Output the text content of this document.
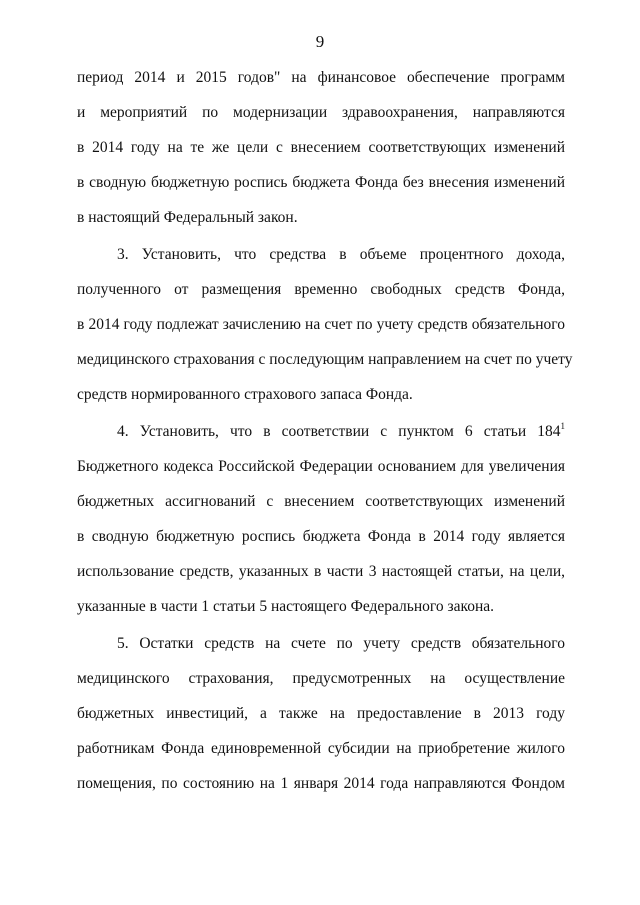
9
период 2014 и 2015 годов" на финансовое обеспечение программ
и мероприятий по модернизации здравоохранения, направляются
в 2014 году на те же цели с внесением соответствующих изменений
в сводную бюджетную роспись бюджета Фонда без внесения изменений
в настоящий Федеральный закон.
3. Установить, что средства в объеме процентного дохода,
полученного от размещения временно свободных средств Фонда,
в 2014 году подлежат зачислению на счет по учету средств обязательного
медицинского страхования с последующим направлением на счет по учету
средств нормированного страхового запаса Фонда.
4. Установить, что в соответствии с пунктом 6 статьи $184^1$
Бюджетного кодекса Российской Федерации основанием для увеличения
бюджетных ассигнований с внесением соответствующих изменений
в сводную бюджетную роспись бюджета Фонда в 2014 году является
использование средств, указанных в части 3 настоящей статьи, на цели,
указанные в части 1 статьи 5 настоящего Федерального закона.
5. Остатки средств на счете по учету средств обязательного
медицинского страхования, предусмотренных на осуществление
бюджетных инвестиций, а также на предоставление в 2013 году
работникам Фонда единовременной субсидии на приобретение жилого
помещения, по состоянию на 1 января 2014 года направляются Фондом
